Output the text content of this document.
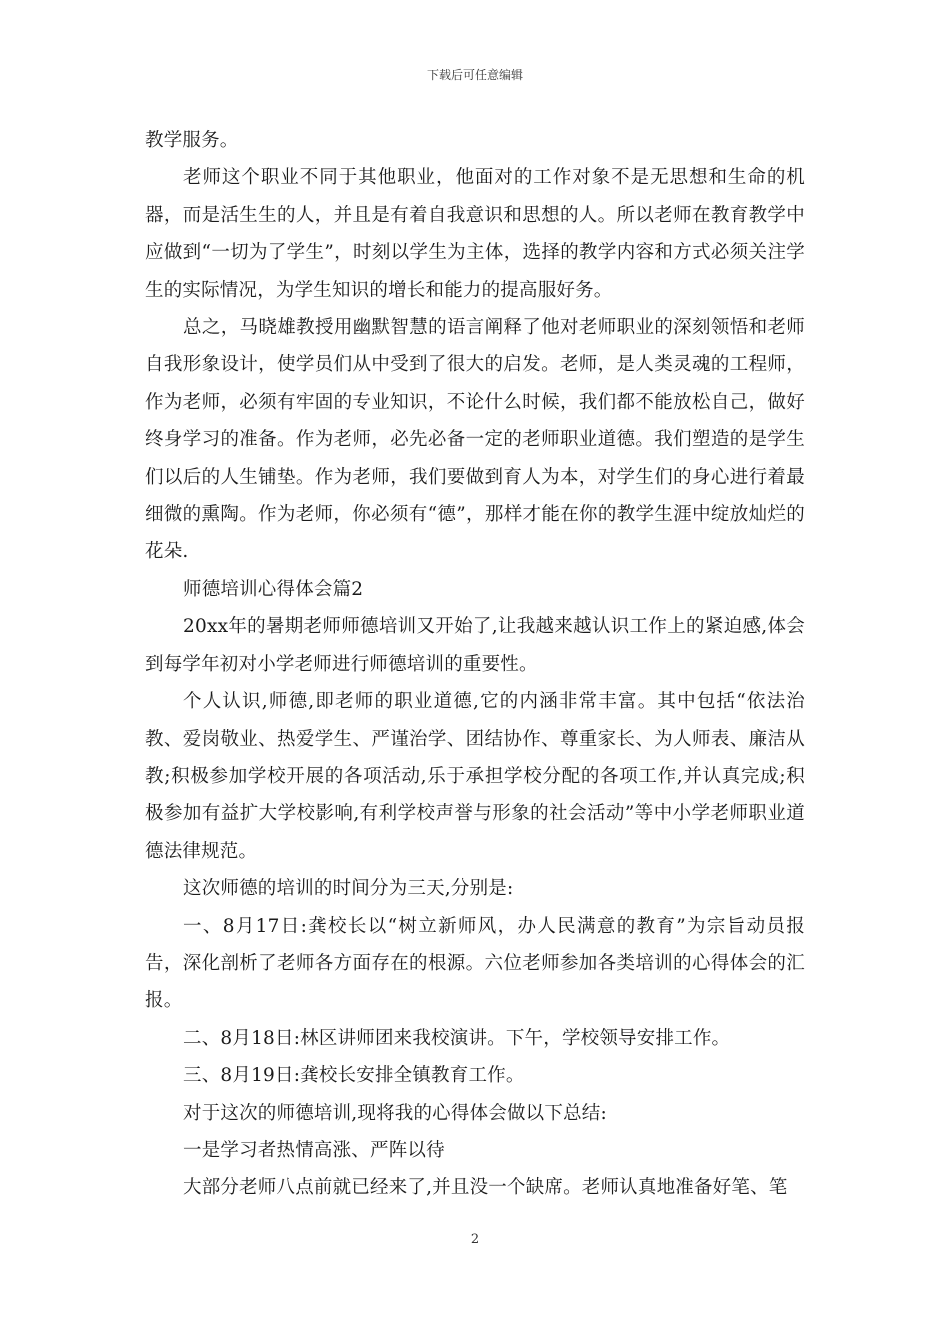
下载后可任意编辑

教学服务。

老师这个职业不同于其他职业，他面对的工作对象不是无思想和生命的机器，而是活生生的人，并且是有着自我意识和思想的人。所以老师在教育教学中应做到“一切为了学生”，时刻以学生为主体，选择的教学内容和方式必须关注学生的实际情况，为学生知识的增长和能力的提高服好务。

总之，马晓雄教授用幽默智慧的语言阐释了他对老师职业的深刻领悟和老师自我形象设计，使学员们从中受到了很大的启发。老师，是人类灵魂的工程师，作为老师，必须有牢固的专业知识，不论什么时候，我们都不能放松自己，做好终身学习的准备。作为老师，必先必备一定的老师职业道德。我们塑造的是学生们以后的人生铺垫。作为老师，我们要做到育人为本，对学生们的身心进行着最细微的熏陶。作为老师，你必须有“德”，那样才能在你的教学生涯中绽放灿烂的花朵.

师德培训心得体会篇2

20xx年的暑期老师师德培训又开始了,让我越来越认识工作上的紧迫感,体会到每学年初对小学老师进行师德培训的重要性。

个人认识,师德,即老师的职业道德,它的内涵非常丰富。其中包括“依法治教、爱岗敬业、热爱学生、严谨治学、团结协作、尊重家长、为人师表、廉洁从教;积极参加学校开展的各项活动,乐于承担学校分配的各项工作,并认真完成;积极参加有益扩大学校影响,有利学校声誉与形象的社会活动”等中小学老师职业道德法律规范。

这次师德的培训的时间分为三天,分别是:

一、8月17日:龚校长以“树立新师风，办人民满意的教育”为宗旨动员报告，深化剖析了老师各方面存在的根源。六位老师参加各类培训的心得体会的汇报。

二、8月18日:林区讲师团来我校演讲。下午，学校领导安排工作。

三、8月19日:龚校长安排全镇教育工作。

对于这次的师德培训,现将我的心得体会做以下总结:

一是学习者热情高涨、严阵以待

大部分老师八点前就已经来了,并且没一个缺席。老师认真地准备好笔、笔

2
